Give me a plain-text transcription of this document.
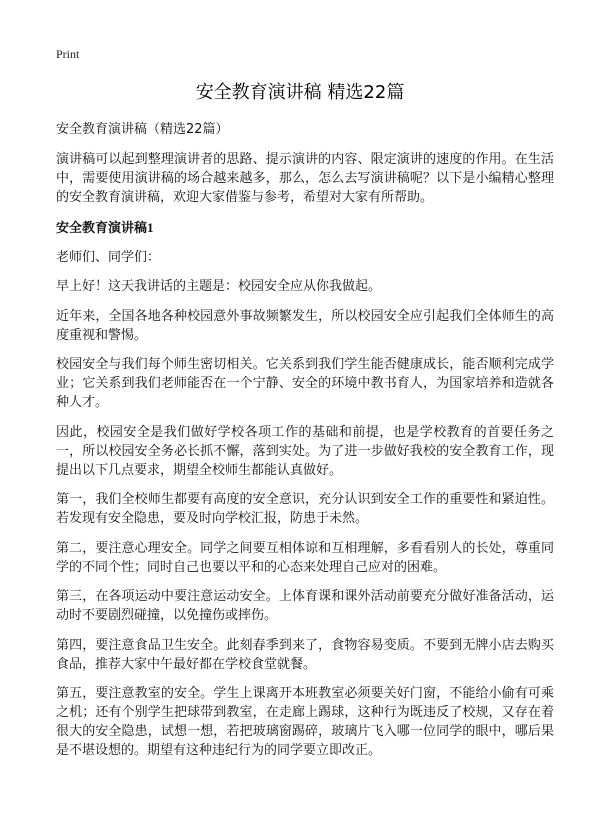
Print
安全教育演讲稿 精选22篇
安全教育演讲稿（精选22篇）

演讲稿可以起到整理演讲者的思路、提示演讲的内容、限定演讲的速度的作用。在生活中，需要使用演讲稿的场合越来越多，那么，怎么去写演讲稿呢？以下是小编精心整理的安全教育演讲稿，欢迎大家借鉴与参考，希望对大家有所帮助。

安全教育演讲稿1

老师们、同学们：

早上好！这天我讲话的主题是：校园安全应从你我做起。

近年来，全国各地各种校园意外事故频繁发生，所以校园安全应引起我们全体师生的高度重视和警惕。

校园安全与我们每个师生密切相关。它关系到我们学生能否健康成长，能否顺利完成学业；它关系到我们老师能否在一个宁静、安全的环境中教书育人，为国家培养和造就各种人才。

因此，校园安全是我们做好学校各项工作的基础和前提，也是学校教育的首要任务之一，所以校园安全务必长抓不懈，落到实处。为了进一步做好我校的安全教育工作，现提出以下几点要求，期望全校师生都能认真做好。

第一，我们全校师生都要有高度的安全意识，充分认识到安全工作的重要性和紧迫性。若发现有安全隐患，要及时向学校汇报，防患于未然。

第二，要注意心理安全。同学之间要互相体谅和互相理解，多看看别人的长处，尊重同学的不同个性；同时自己也要以平和的心态来处理自己应对的困难。

第三，在各项运动中要注意运动安全。上体育课和课外活动前要充分做好准备活动，运动时不要剧烈碰撞，以免撞伤或摔伤。

第四，要注意食品卫生安全。此刻春季到来了，食物容易变质。不要到无牌小店去购买食品，推荐大家中午最好都在学校食堂就餐。

第五，要注意教室的安全。学生上课离开本班教室必须要关好门窗，不能给小偷有可乘之机；还有个别学生把球带到教室，在走廊上踢球，这种行为既违反了校规，又存在着很大的安全隐患，试想一想，若把玻璃窗踢碎，玻璃片飞入哪一位同学的眼中，哪后果是不堪设想的。期望有这种违纪行为的同学要立即改正。
